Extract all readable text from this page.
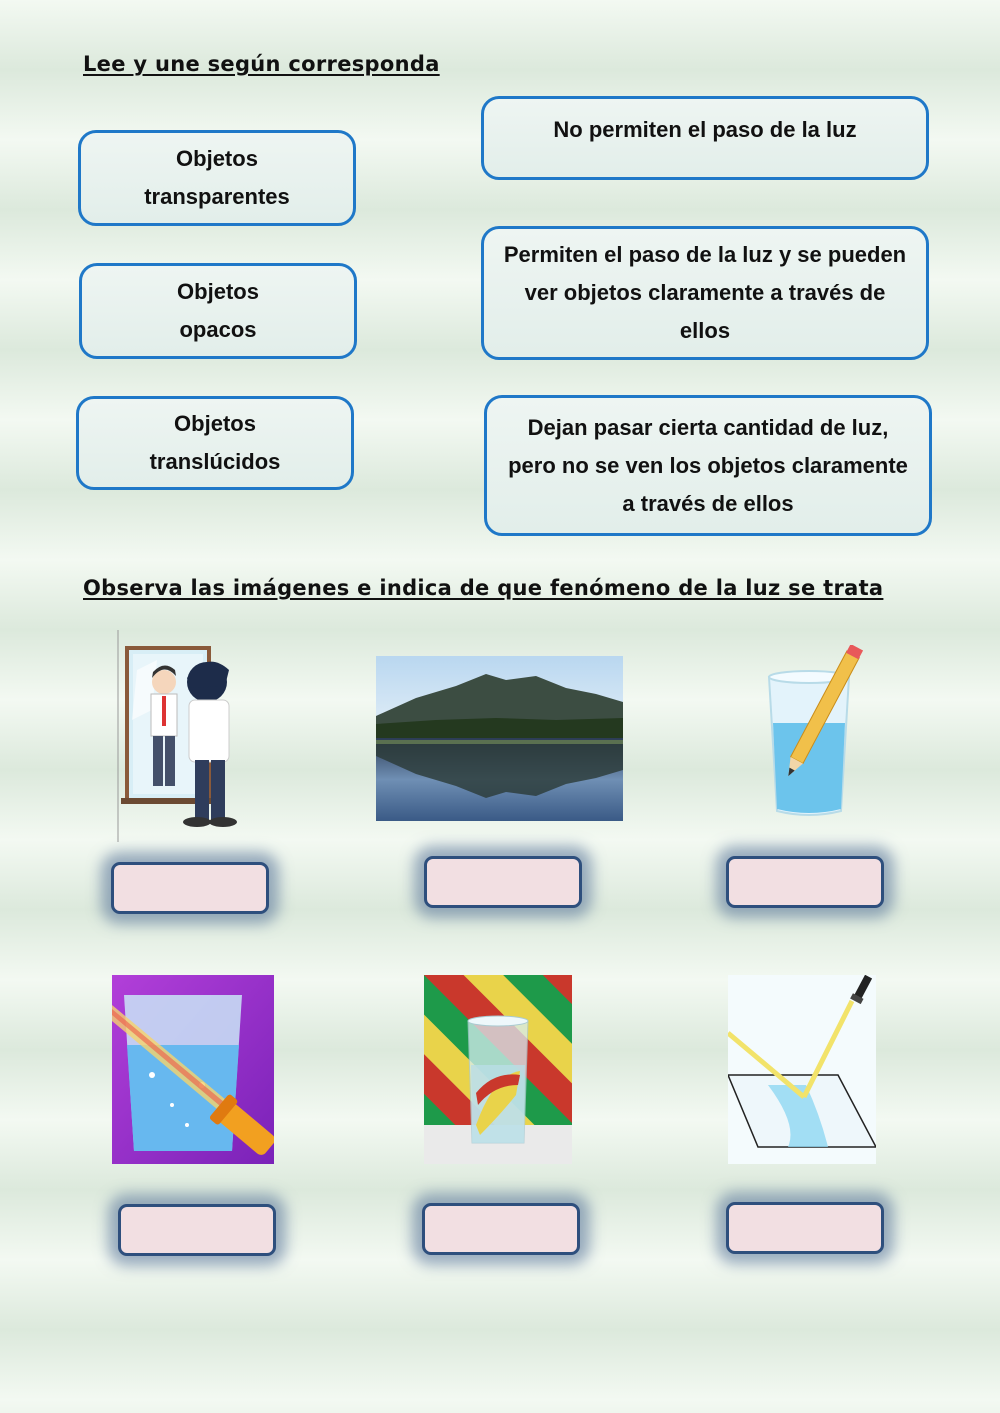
Lee y une según corresponda
Objetos
transparentes
Objetos
opacos
Objetos
translúcidos
No permiten el paso de la luz
Permiten el paso de la luz y se pueden ver objetos claramente a través de ellos
Dejan pasar cierta cantidad de luz, pero no se ven los objetos claramente a través de ellos
Observa las imágenes e indica de que fenómeno de la luz se trata
